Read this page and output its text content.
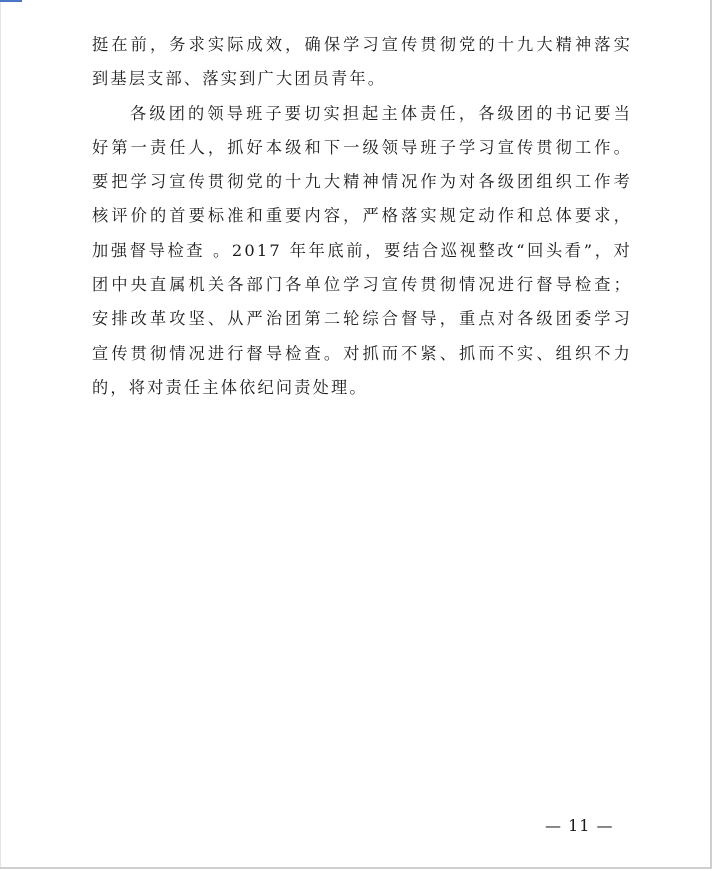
挺在前，务求实际成效，确保学习宣传贯彻党的十九大精神落实
到基层支部、落实到广大团员青年。
各级团的领导班子要切实担起主体责任，各级团的书记要当
好第一责任人，抓好本级和下一级领导班子学习宣传贯彻工作。
要把学习宣传贯彻党的十九大精神情况作为对各级团组织工作考
核评价的首要标准和重要内容，严格落实规定动作和总体要求，
加强督导检查 。2017 年年底前，要结合巡视整改“回头看”，对
团中央直属机关各部门各单位学习宣传贯彻情况进行督导检查；
安排改革攻坚、从严治团第二轮综合督导，重点对各级团委学习
宣传贯彻情况进行督导检查。对抓而不紧、抓而不实、组织不力
的，将对责任主体依纪问责处理。
— 11 —
